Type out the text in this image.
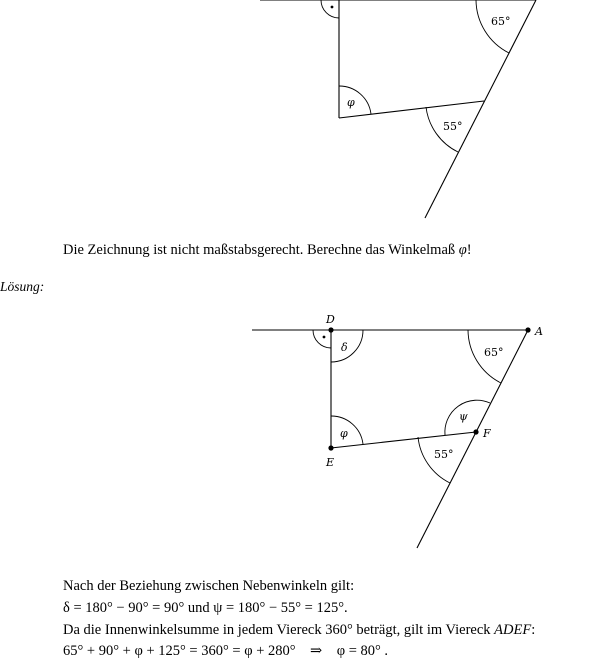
65°
φ
55°
δ	65°
ψ
φ
55°
D
A
E
F
Die Zeichnung ist nicht maßstabsgerecht. Berechne das Winkelmaß φ!
Lösung:
Nach der Beziehung zwischen Nebenwinkeln gilt:
δ = 180° − 90° = 90° und ψ = 180° − 55° = 125°.
Da die Innenwinkelsumme in jedem Viereck 360° beträgt, gilt im Viereck ADEF:
65° + 90° + φ + 125° = 360° = φ + 280°    ⇒    φ = 80° .
